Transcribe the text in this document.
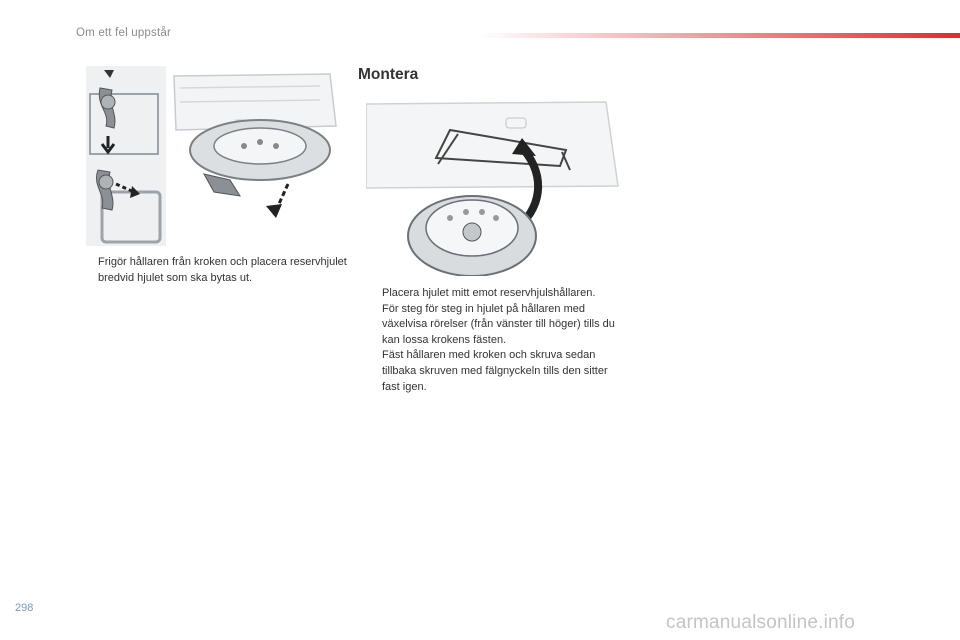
Om ett fel uppstår
Frigör hållaren från kroken och placera reservhjulet bredvid hjulet som ska bytas ut.
Montera
Placera hjulet mitt emot reservhjulshållaren.
För steg för steg in hjulet på hållaren med växelvisa rörelser (från vänster till höger) tills du kan lossa krokens fästen.
Fäst hållaren med kroken och skruva sedan tillbaka skruven med fälgnyckeln tills den sitter fast igen.
298
carmanualsonline.info
